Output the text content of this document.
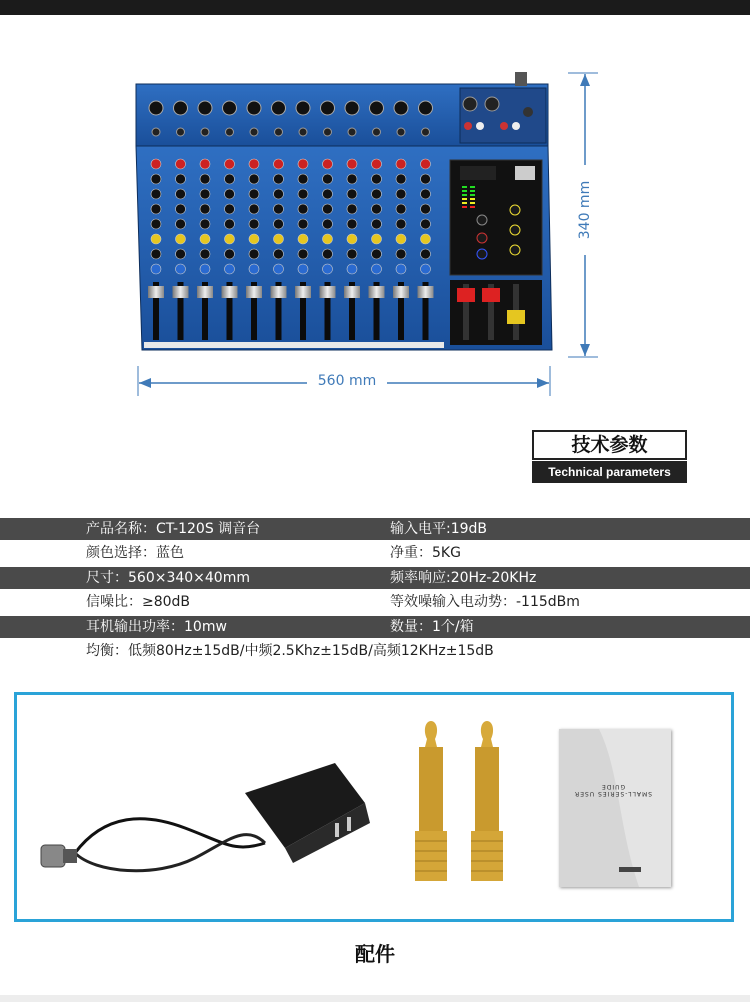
560 mm
340 mm
技术参数
Technical parameters
产品名称：CT-120S 调音台	输入电平:19dB
颜色选择：蓝色	净重：5KG
尺寸：560×340×40mm	频率响应:20Hz-20KHz
信噪比：≥80dB	等效噪输入电动势：-115dBm
耳机输出功率：10mw	数量：1个/箱
均衡：低频80Hz±15dB/中频2.5Khz±15dB/高频12KHz±15dB
SMALL-SERIES USER GUIDE
配件
